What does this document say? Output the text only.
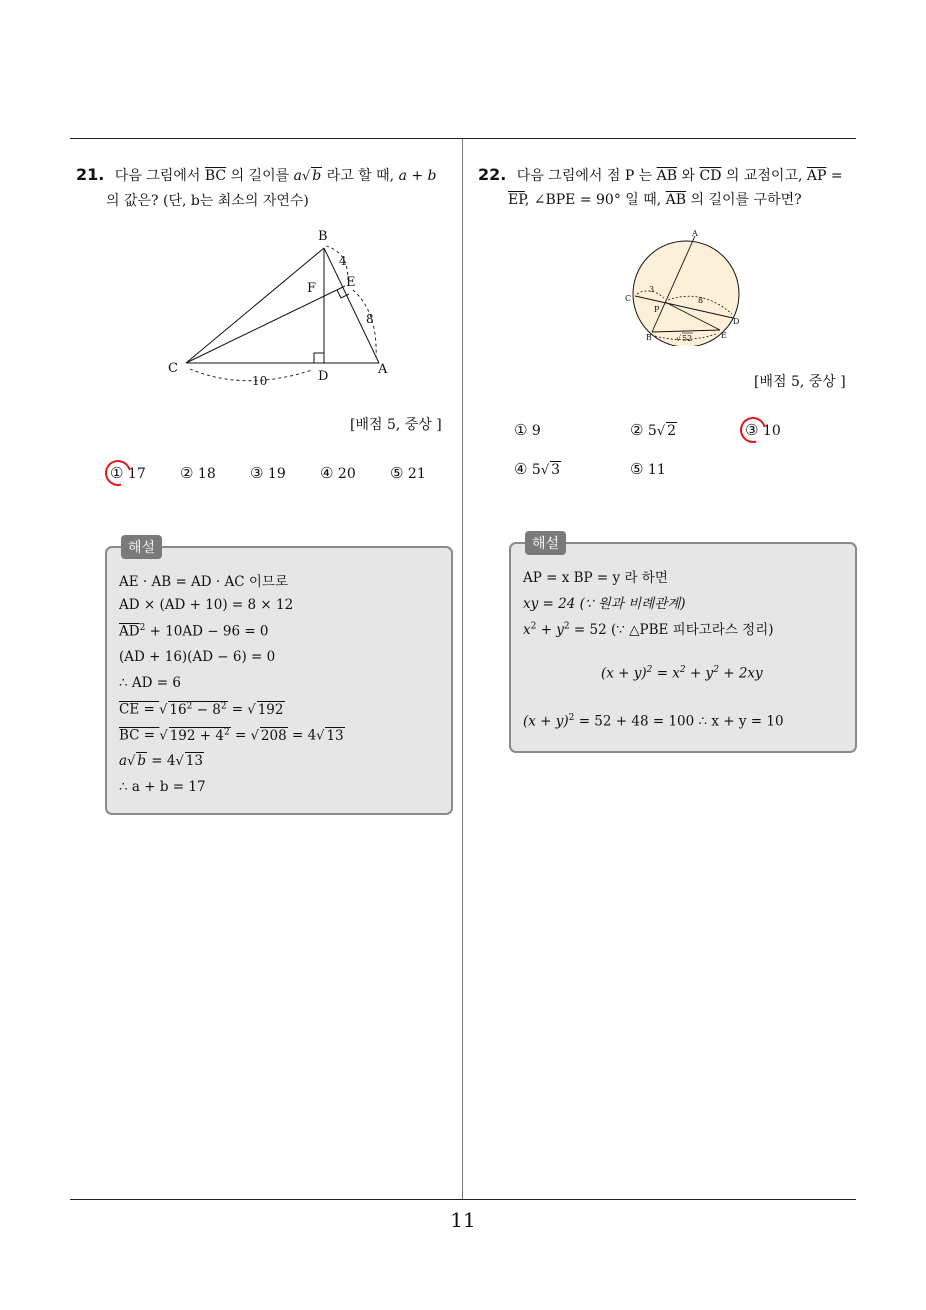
11
21. 다음 그림에서 $\overline{BC}$ 의 길이를 a√ b 라고 할 때, a + b
의 값은? (단, b는 최소의 자연수)
B
E
F
C
D	A
4
8
10
[배점 5, 중상 ]
① 17 ② 18 ③ 19 ④ 20 ⑤ 21
해설
AE · AB = AD · AC 이므로
AD × (AD + 10) = 8 × 12
$\overline{AD}^2 + 10AD - 96 = 0$
(AD + 16)(AD − 6) = 0
∴ AD = 6
CE = √ $16^2 - 8^2$ = √ 192
BC = √ $192 + 4^2$ = √ 208 = 4√ 13
a√ b = 4√ 13
∴ a + b = 17
22. 다음 그림에서 점 P 는 $\overline{AB}$ 와 $\overline{CD}$ 의 교점이고, $\overline{AP}$ =
$\overline{EP}$, ∠BPE = 90° 일 때, $\overline{AB}$ 의 길이를 구하면?
A
C
P
B	E
D
3
8
√ 52
[배점 5, 중상 ]
① 9	② 5√ 2	③ 10
④ 5√ 3	⑤ 11
해설
AP = x BP = y 라 하면
xy = 24 (∵ 원과 비례관계)
$x^2 + y^2 = 52$ (∵ △PBE 피타고라스 정리)
$(x + y)^2 = x^2 + y^2 + 2xy$
$(x + y)^2 = 52 + 48 = 100$ ∴ x + y = 10
